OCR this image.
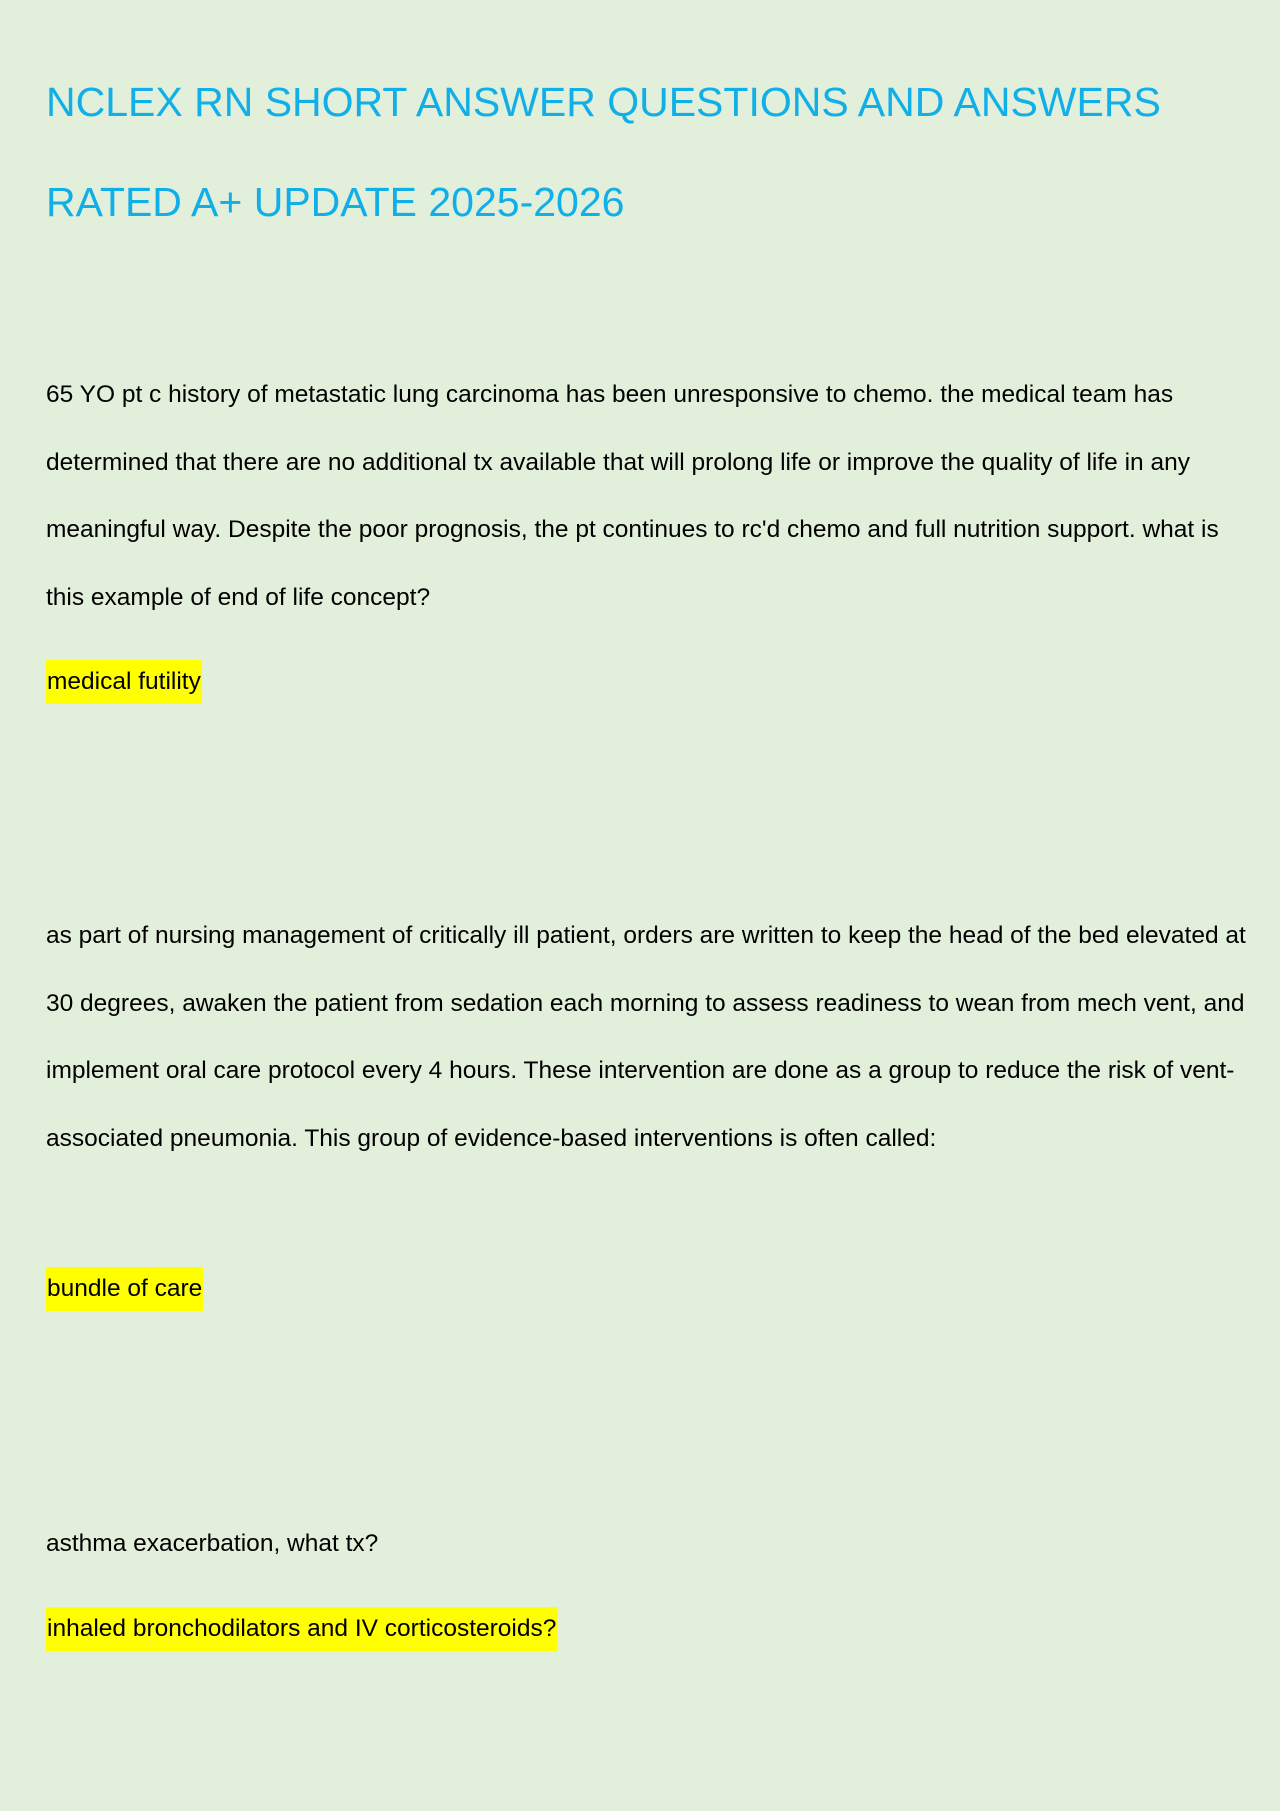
NCLEX RN SHORT ANSWER QUESTIONS AND ANSWERS
RATED A+ UPDATE 2025-2026

65 YO pt c history of metastatic lung carcinoma has been unresponsive to chemo. the medical team has determined that there are no additional tx available that will prolong life or improve the quality of life in any meaningful way. Despite the poor prognosis, the pt continues to rc'd chemo and full nutrition support. what is this example of end of life concept?

medical futility

as part of nursing management of critically ill patient, orders are written to keep the head of the bed elevated at 30 degrees, awaken the patient from sedation each morning to assess readiness to wean from mech vent, and implement oral care protocol every 4 hours. These intervention are done as a group to reduce the risk of vent-associated pneumonia. This group of evidence-based interventions is often called:

bundle of care

asthma exacerbation, what tx?

inhaled bronchodilators and IV corticosteroids?
